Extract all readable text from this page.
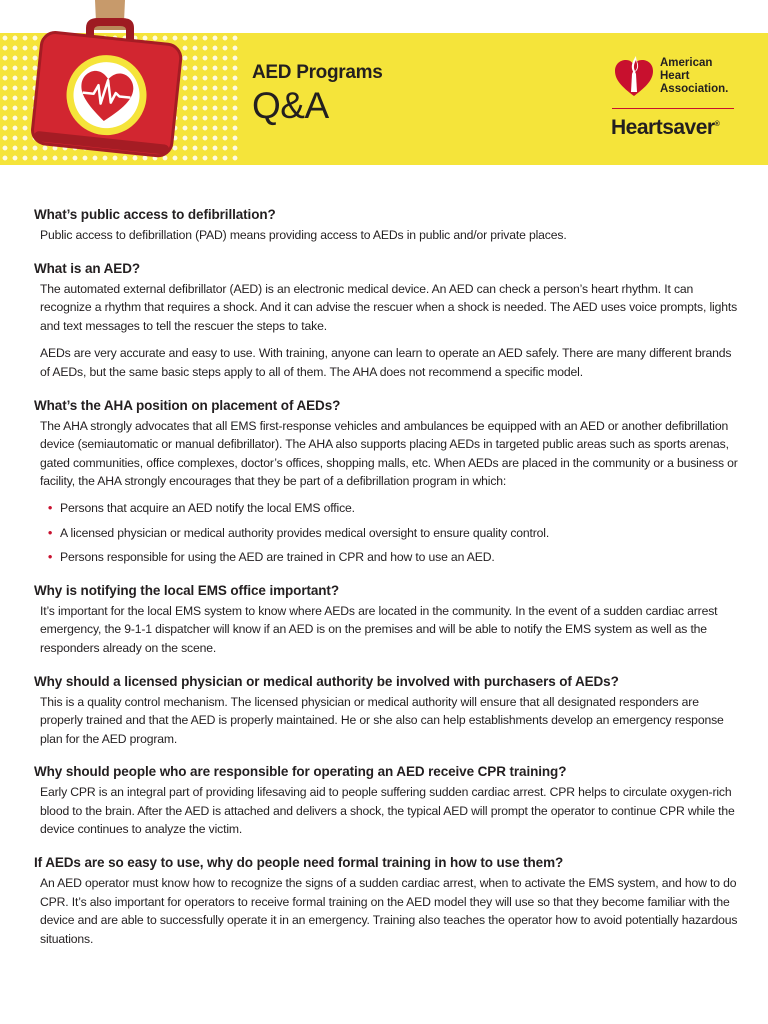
AED Programs

Q&A

American
Heart
Association.
Heartsaver®

What’s public access to defibrillation?

Public access to defibrillation (PAD) means providing access to AEDs in public and/or private places.

What is an AED?

The automated external defibrillator (AED) is an electronic medical device. An AED can check a person’s heart rhythm. It can recognize a rhythm that requires a shock. And it can advise the rescuer when a shock is needed. The AED uses voice prompts, lights and text messages to tell the rescuer the steps to take.

AEDs are very accurate and easy to use. With training, anyone can learn to operate an AED safely. There are many different brands of AEDs, but the same basic steps apply to all of them. The AHA does not recommend a specific model.

What’s the AHA position on placement of AEDs?

The AHA strongly advocates that all EMS first-response vehicles and ambulances be equipped with an AED or another defibrillation device (semiautomatic or manual defibrillator). The AHA also supports placing AEDs in targeted public areas such as sports arenas, gated communities, office complexes, doctor’s offices, shopping malls, etc. When AEDs are placed in the community or a business or facility, the AHA strongly encourages that they be part of a defibrillation program in which:

• Persons that acquire an AED notify the local EMS office.
• A licensed physician or medical authority provides medical oversight to ensure quality control.
• Persons responsible for using the AED are trained in CPR and how to use an AED.

Why is notifying the local EMS office important?

It’s important for the local EMS system to know where AEDs are located in the community. In the event of a sudden cardiac arrest emergency, the 9-1-1 dispatcher will know if an AED is on the premises and will be able to notify the EMS system as well as the responders already on the scene.

Why should a licensed physician or medical authority be involved with purchasers of AEDs?

This is a quality control mechanism. The licensed physician or medical authority will ensure that all designated responders are properly trained and that the AED is properly maintained. He or she also can help establishments develop an emergency response plan for the AED program.

Why should people who are responsible for operating an AED receive CPR training?

Early CPR is an integral part of providing lifesaving aid to people suffering sudden cardiac arrest. CPR helps to circulate oxygen-rich blood to the brain. After the AED is attached and delivers a shock, the typical AED will prompt the operator to continue CPR while the device continues to analyze the victim.

If AEDs are so easy to use, why do people need formal training in how to use them?

An AED operator must know how to recognize the signs of a sudden cardiac arrest, when to activate the EMS system, and how to do CPR. It’s also important for operators to receive formal training on the AED model they will use so that they become familiar with the device and are able to successfully operate it in an emergency. Training also teaches the operator how to avoid potentially hazardous situations.
